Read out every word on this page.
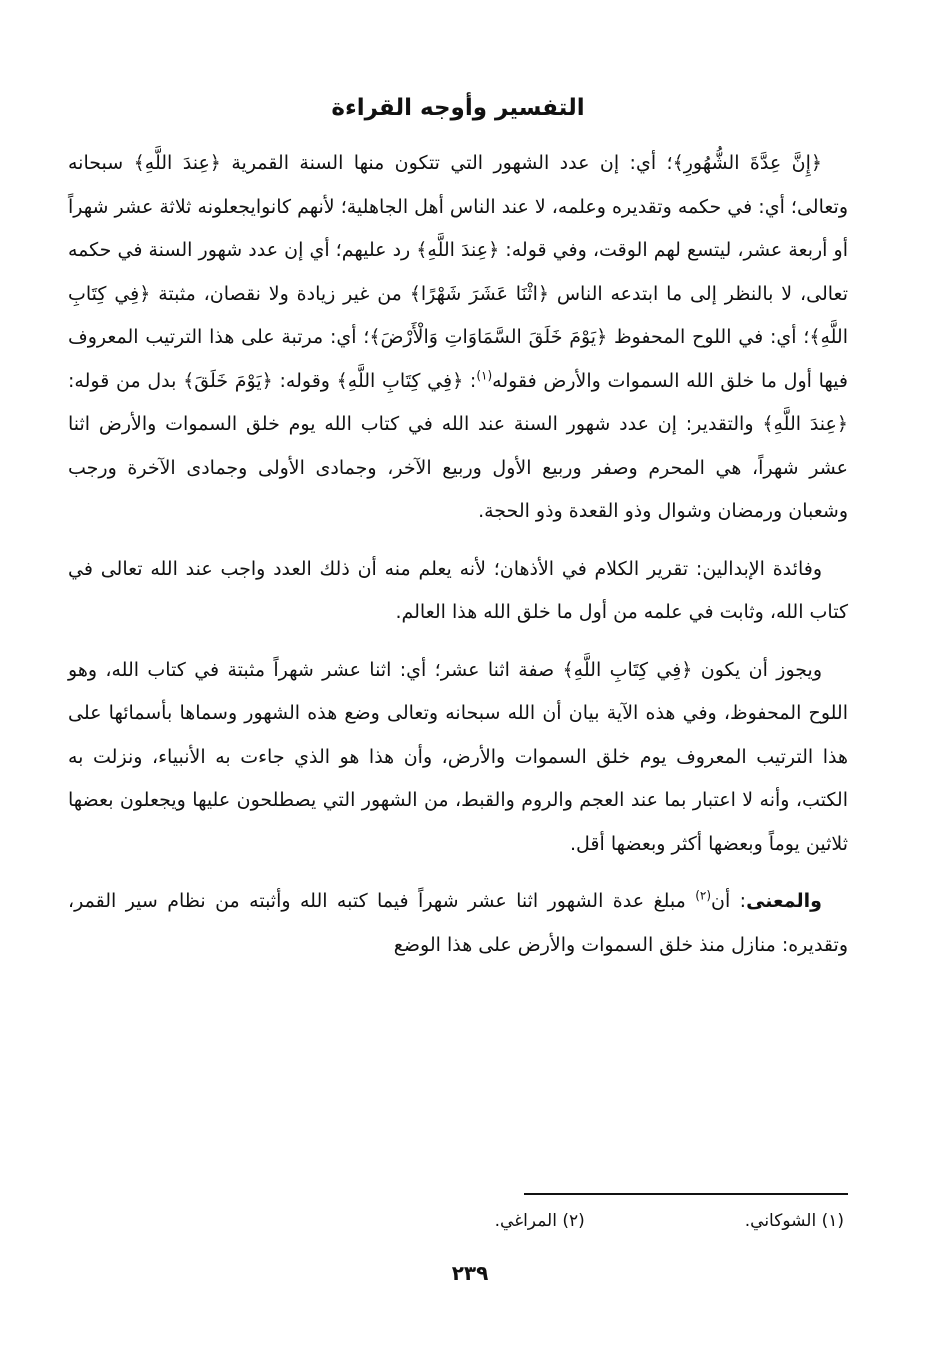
التفسير وأوجه القراءة

﴿إِنَّ عِدَّةَ الشُّهُورِ﴾؛ أي: إن عدد الشهور التي تتكون منها السنة القمرية ﴿عِندَ اللَّهِ﴾ سبحانه وتعالى؛ أي: في حكمه وتقديره وعلمه، لا عند الناس أهل الجاهلية؛ لأنهم كانوايجعلونه ثلاثة عشر شهراً أو أربعة عشر، ليتسع لهم الوقت، وفي قوله: ﴿عِندَ اللَّهِ﴾ رد عليهم؛ أي إن عدد شهور السنة في حكمه تعالى، لا بالنظر إلى ما ابتدعه الناس ﴿اثْنَا عَشَرَ شَهْرًا﴾ من غير زيادة ولا نقصان، مثبتة ﴿فِي كِتَابِ اللَّهِ﴾؛ أي: في اللوح المحفوظ ﴿يَوْمَ خَلَقَ السَّمَاوَاتِ وَالْأَرْضَ﴾؛ أي: مرتبة على هذا الترتيب المعروف فيها أول ما خلق الله السموات والأرض فقوله$^{(١)}$: ﴿فِي كِتَابِ اللَّهِ﴾ وقوله: ﴿يَوْمَ خَلَقَ﴾ بدل من قوله: ﴿عِندَ اللَّهِ﴾ والتقدير: إن عدد شهور السنة عند الله في كتاب الله يوم خلق السموات والأرض اثنا عشر شهراً، هي المحرم وصفر وربيع الأول وربيع الآخر، وجمادى الأولى وجمادى الآخرة ورجب وشعبان ورمضان وشوال وذو القعدة وذو الحجة.

وفائدة الإبدالين: تقرير الكلام في الأذهان؛ لأنه يعلم منه أن ذلك العدد واجب عند الله تعالى في كتاب الله، وثابت في علمه من أول ما خلق الله هذا العالم.

ويجوز أن يكون ﴿فِي كِتَابِ اللَّهِ﴾ صفة اثنا عشر؛ أي: اثنا عشر شهراً مثبتة في كتاب الله، وهو اللوح المحفوظ، وفي هذه الآية بيان أن الله سبحانه وتعالى وضع هذه الشهور وسماها بأسمائها على هذا الترتيب المعروف يوم خلق السموات والأرض، وأن هذا هو الذي جاءت به الأنبياء، ونزلت به الكتب، وأنه لا اعتبار بما عند العجم والروم والقبط، من الشهور التي يصطلحون عليها ويجعلون بعضها ثلاثين يوماً وبعضها أكثر وبعضها أقل.

والمعنى: أن$^{(٢)}$ مبلغ عدة الشهور اثنا عشر شهراً فيما كتبه الله وأثبته من نظام سير القمر، وتقديره: منازل منذ خلق السموات والأرض على هذا الوضع

(١) الشوكاني.
(٢) المراغي.
٢٣٩
